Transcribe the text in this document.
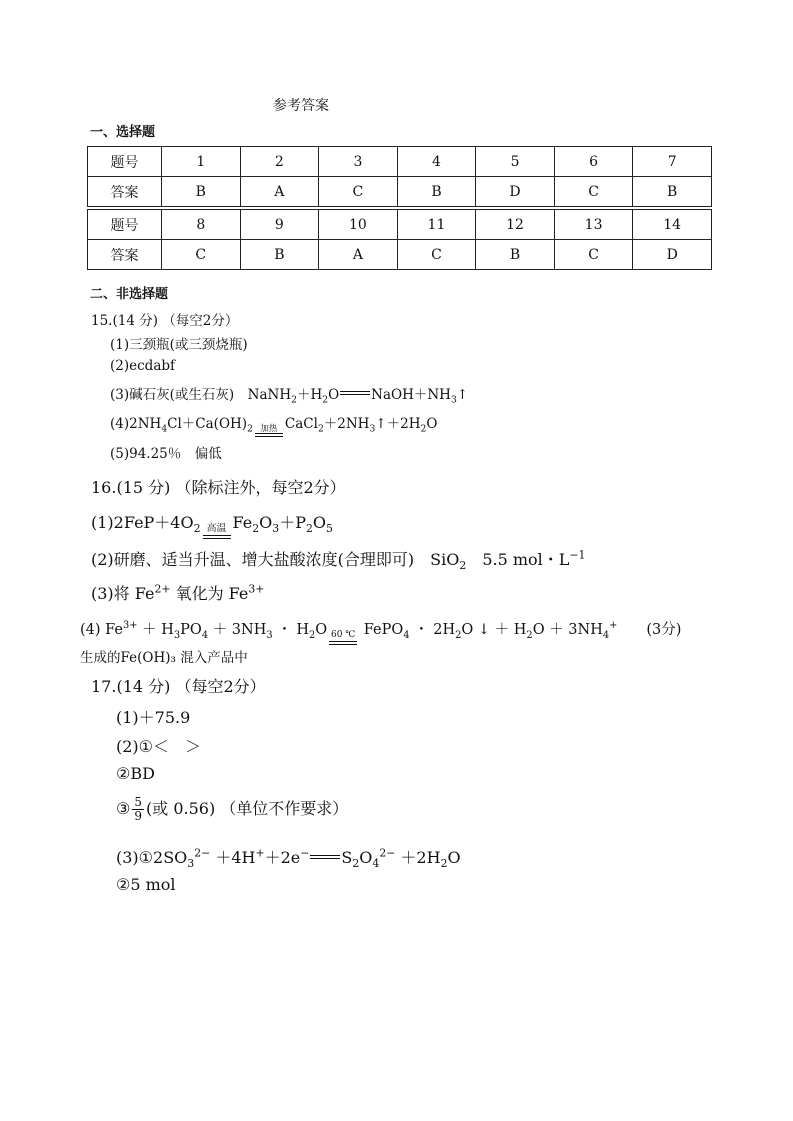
参考答案
一、选择题
题号	1	2	3	4	5	6	7
答案	B	A	C	B	D	C	B
题号	8	9	10	11	12	13	14
答案	C	B	A	C	B	C	D
二、非选择题
15.(14 分) （每空2分）
(1)三颈瓶(或三颈烧瓶)
(2)ecdabf
(3)碱石灰(或生石灰)　$NaNH_2+H_2O$ $NaOH+NH_3↑$
$(4)2NH_4Cl+Ca(OH)_2$ 加热 $CaCl_2+2NH_3↑+2H_2O$
(5)94.25％　偏低
16.(15 分) （除标注外，每空2分）
$(1)2FeP+4O_2$ 高温 $Fe_2O_3+P_2O_5$
(2)研磨、适当升温、增大盐酸浓度(合理即可)　 SiO$_2$　 5.5 mol・$L^{-1}$
(3)将 $Fe^{2+}$ 氧化为 $Fe^{3+}$
(4) $Fe^{3+} + H_3PO_4 + 3NH_3$ ・ $H_2O$ 60 ℃ FePO$_4$ ・ $2H_2O$ ↓ ＋ $H_2O + 3NH_4^+$　　 (3分)
生成的Fe(OH)₃ 混入产品中
17.(14 分) （每空2分）
(1)＋75.9
(2)①＜　＞
②BD
③ $\frac{5}{9}$ (或 0.56) （单位不作要求）
$(3)①2SO_3^{2-} +4H^++2e^-$ $S_2O_4^{2-} +2H_2O$
②5 mol
